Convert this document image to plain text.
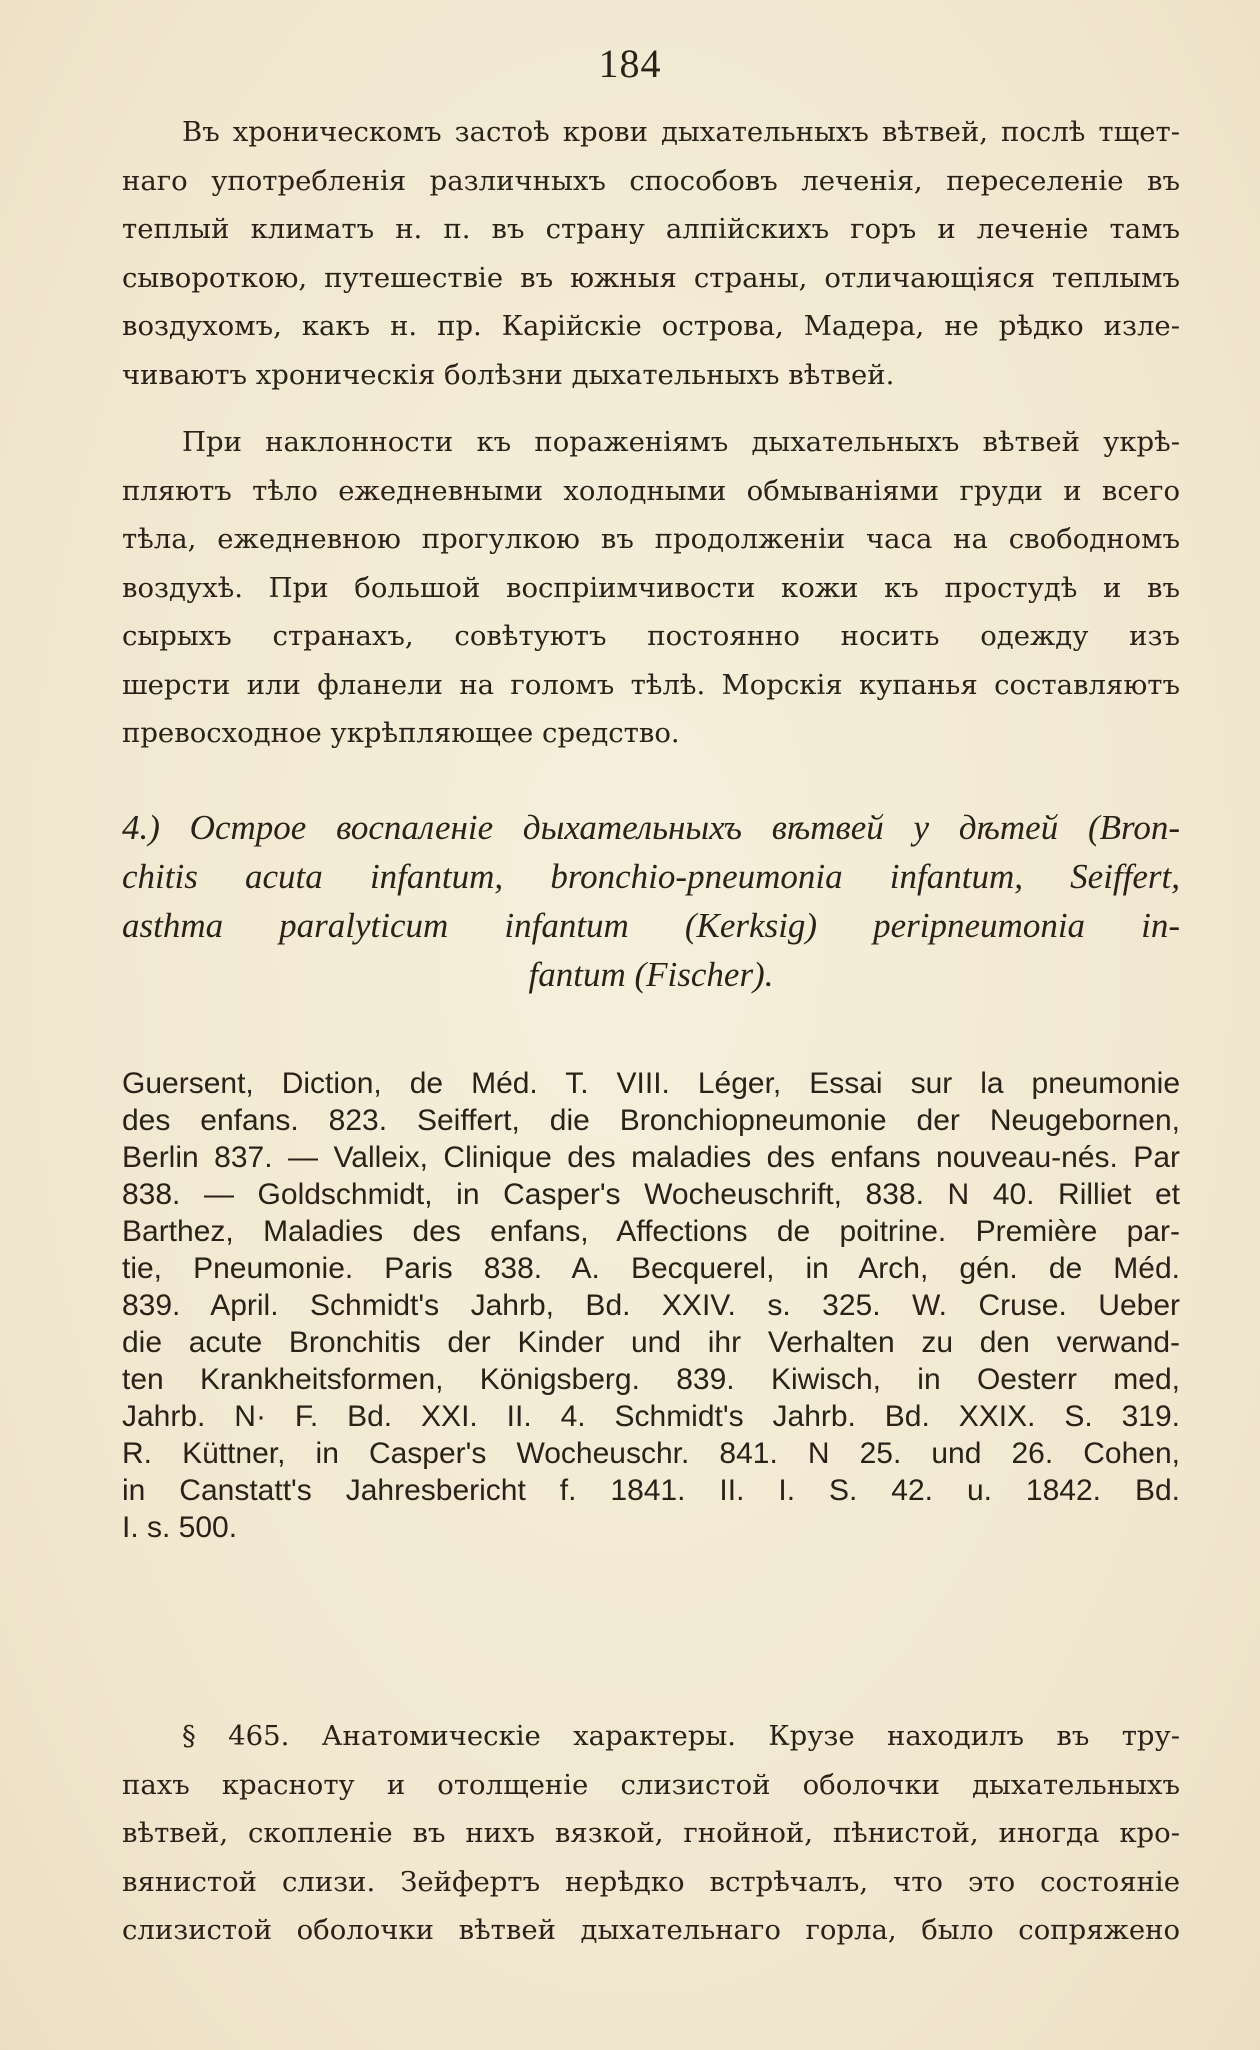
184
Въ хроническомъ застоѣ крови дыхательныхъ вѣтвей, послѣ тщет-
наго употребленія различныхъ способовъ леченія, переселеніе въ
теплый климатъ н. п. въ страну алпійскихъ горъ и леченіе тамъ
сывороткою, путешествіе въ южныя страны, отличающіяся теплымъ
воздухомъ, какъ н. пр. Карійскіе острова, Мадера, не рѣдко изле-
чиваютъ хроническія болѣзни дыхательныхъ вѣтвей.
При наклонности къ пораженіямъ дыхательныхъ вѣтвей укрѣ-
пляютъ тѣло ежедневными холодными обмываніями груди и всего
тѣла, ежедневною прогулкою въ продолженіи часа на свободномъ
воздухѣ. При большой воспріимчивости кожи къ простудѣ и въ
сырыхъ странахъ, совѣтуютъ постоянно носить одежду изъ
шерсти или фланели на голомъ тѣлѣ. Морскія купанья составляютъ
превосходное укрѣпляющее средство.
4.) Острое воспаленіе дыхательныхъ вѣтвей у дѣтей (Bron-
chitis acuta infantum, bronchio-pneumonia infantum, Seiffert,
asthma paralyticum infantum (Kerksig) peripneumonia in-
fantum (Fischer).
Guersent, Diction, de Méd. T. VIII. Léger, Essai sur la pneumonie
des enfans. 823. Seiffert, die Bronchiopneumonie der Neugebornen,
Berlin 837. — Valleix, Clinique des maladies des enfans nouveau-nés. Par
838. — Goldschmidt, in Casper's Wocheuschrift, 838. N 40. Rilliet et
Barthez, Maladies des enfans, Affections de poitrine. Première par-
tie, Pneumonie. Paris 838. A. Becquerel, in Arch, gén. de Méd.
839. April. Schmidt's Jahrb, Bd. XXIV. s. 325. W. Cruse. Ueber
die acute Bronchitis der Kinder und ihr Verhalten zu den verwand-
ten Krankheitsformen, Königsberg. 839. Kiwisch, in Oesterr med,
Jahrb. N· F. Bd. XXI. II. 4. Schmidt's Jahrb. Bd. XXIX. S. 319.
R. Küttner, in Casper's Wocheuschr. 841. N 25. und 26. Cohen,
in Canstatt's Jahresbericht f. 1841. II. I. S. 42. u. 1842. Bd.
I. s. 500.
§ 465. Анатомическіе характеры. Крузе находилъ въ тру-
пахъ красноту и отолщеніе слизистой оболочки дыхательныхъ
вѣтвей, скопленіе въ нихъ вязкой, гнойной, пѣнистой, иногда кро-
вянистой слизи. Зейфертъ нерѣдко встрѣчалъ, что это состояніе
слизистой оболочки вѣтвей дыхательнаго горла, было сопряжено
